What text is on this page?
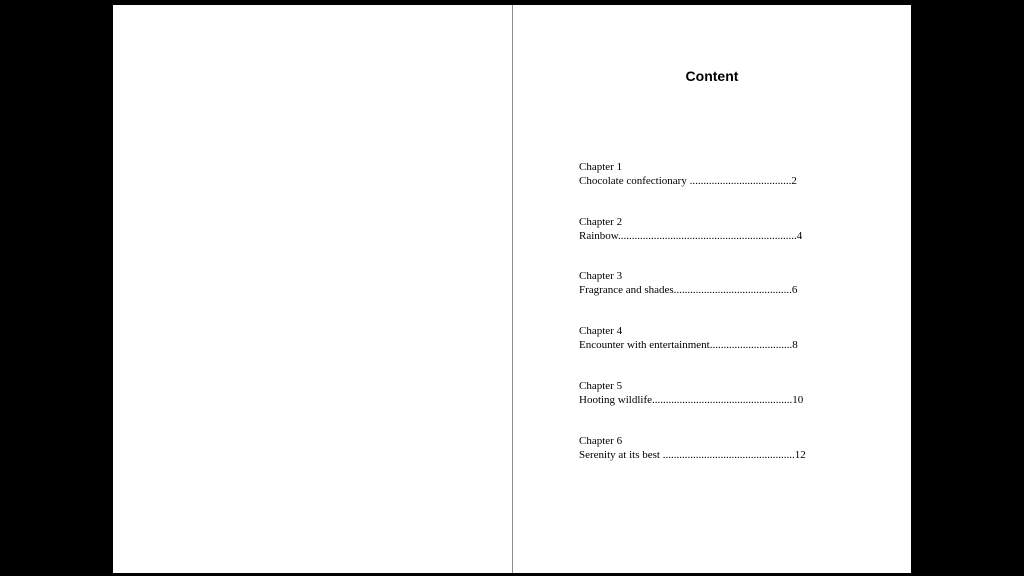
Content
Chapter 1
Chocolate confectionary .....................................2
Chapter 2
Rainbow.................................................................4
Chapter 3
Fragrance and shades...........................................6
Chapter 4
Encounter with entertainment..............................8
Chapter 5
Hooting wildlife...................................................10
Chapter 6
Serenity at its best ................................................12
